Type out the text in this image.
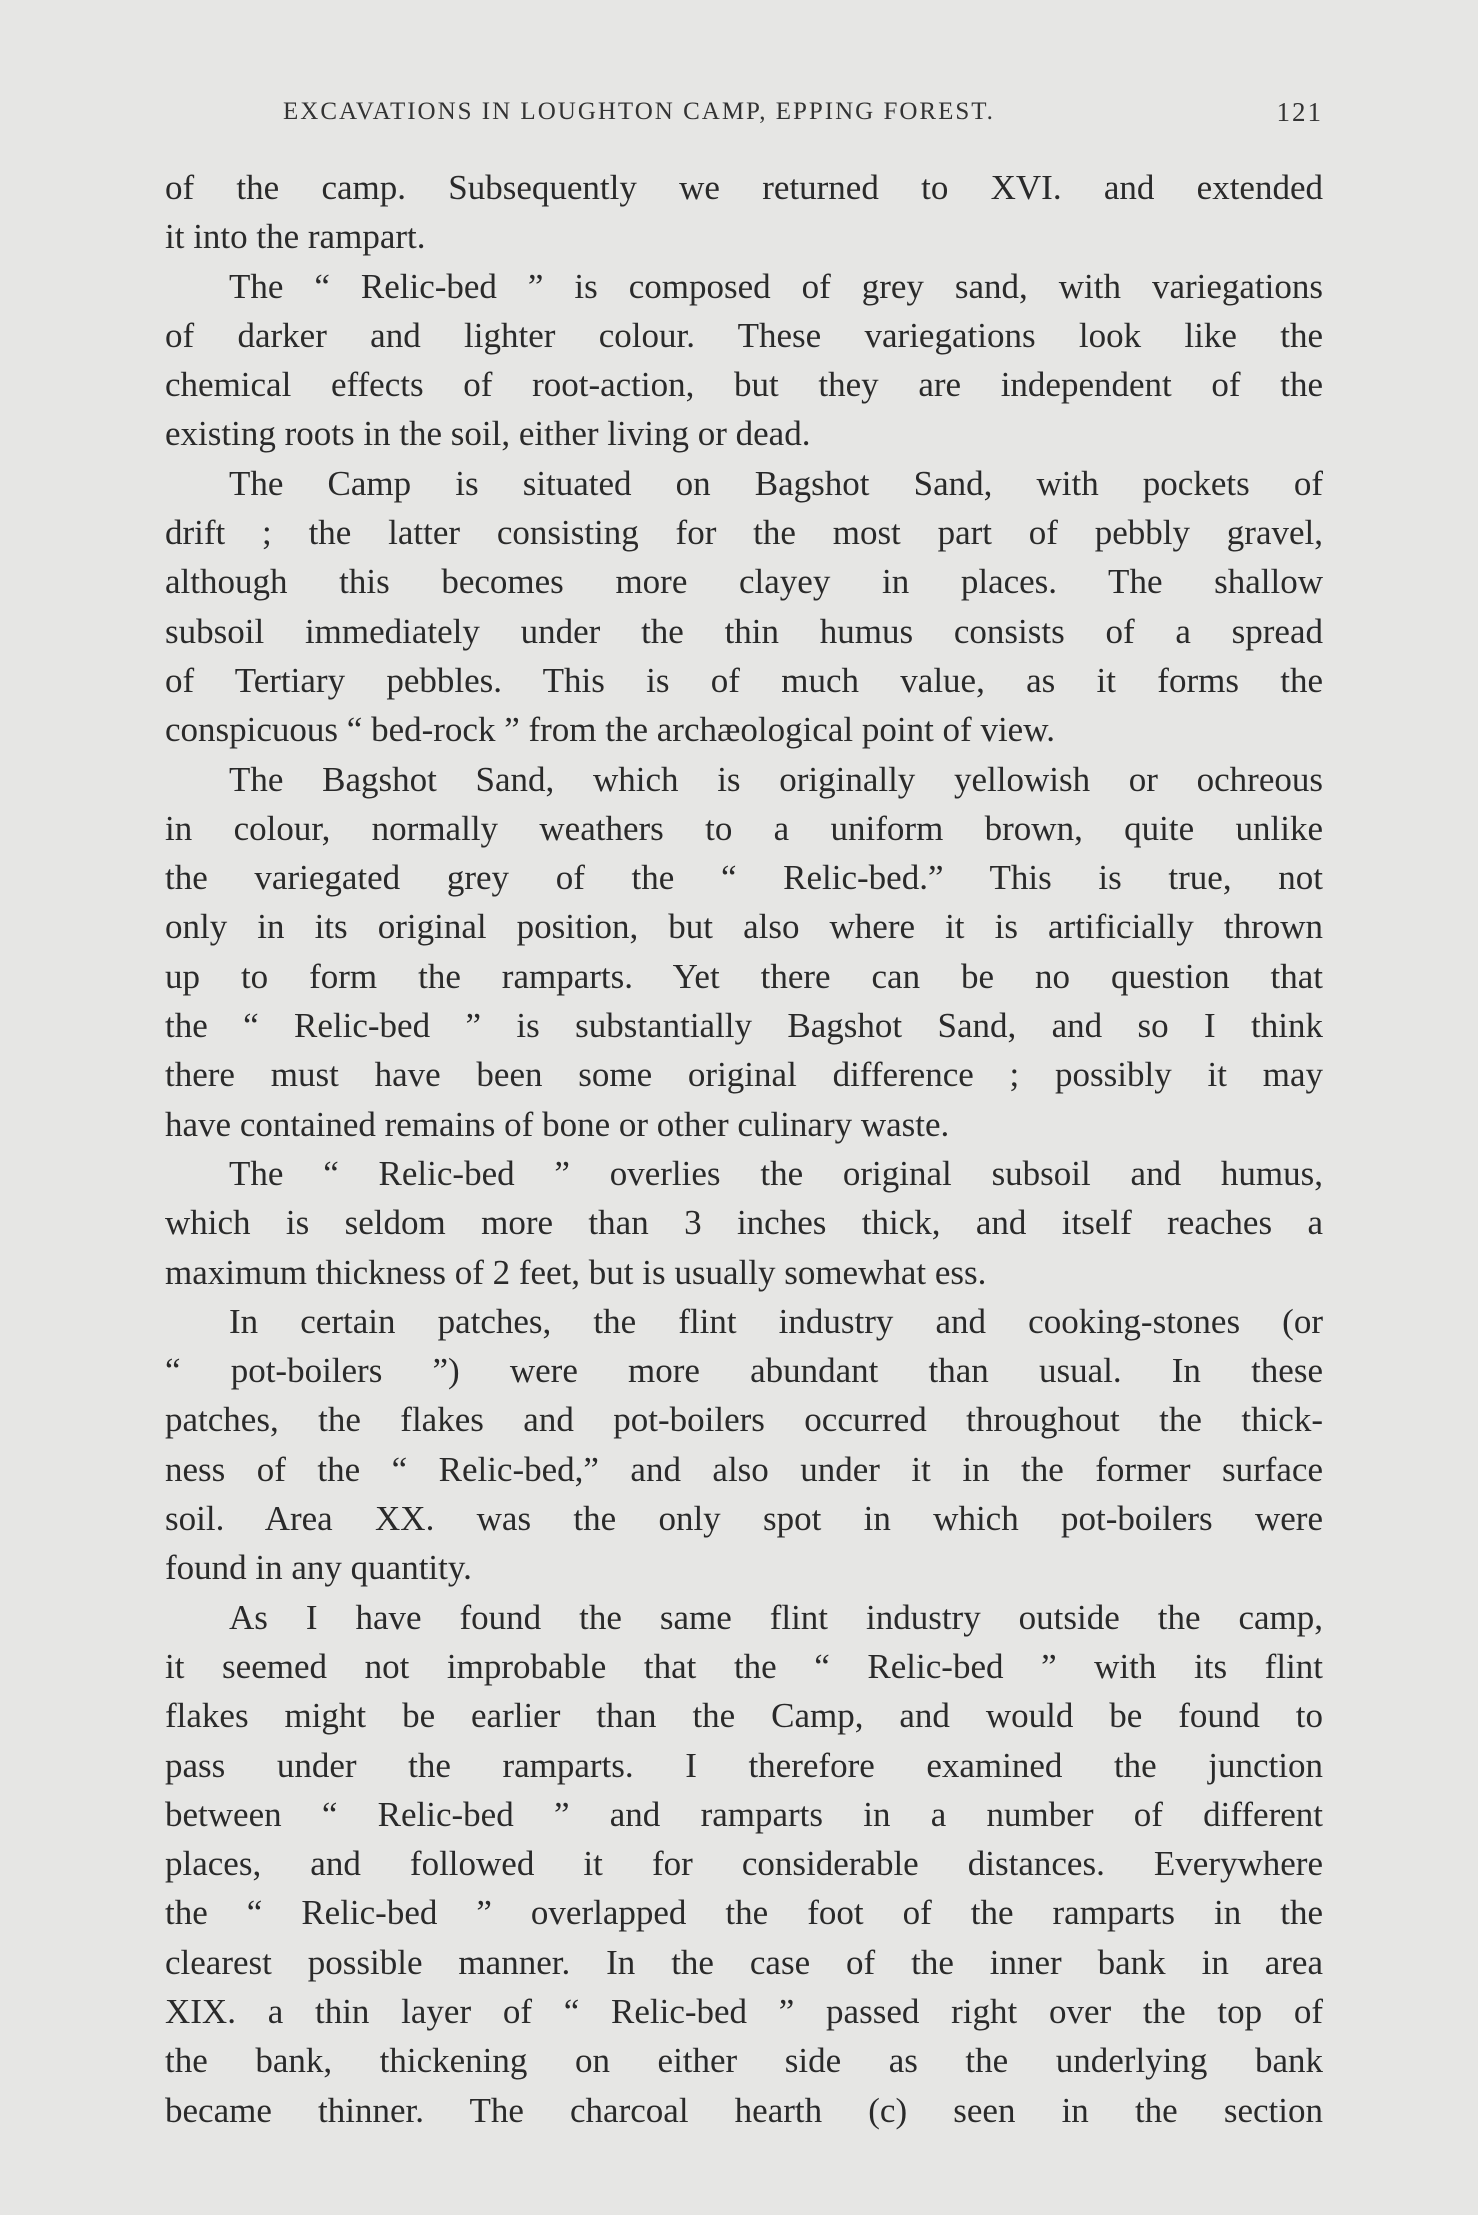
EXCAVATIONS IN LOUGHTON CAMP, EPPING FOREST.	121
of the camp. Subsequently we returned to XVI. and extended
it into the rampart.
The “ Relic-bed ” is composed of grey sand, with variegations
of darker and lighter colour. These variegations look like the
chemical effects of root-action, but they are independent of the
existing roots in the soil, either living or dead.
The Camp is situated on Bagshot Sand, with pockets of
drift ; the latter consisting for the most part of pebbly gravel,
although this becomes more clayey in places. The shallow
subsoil immediately under the thin humus consists of a spread
of Tertiary pebbles. This is of much value, as it forms the
conspicuous “ bed-rock ” from the archæological point of view.
The Bagshot Sand, which is originally yellowish or ochreous
in colour, normally weathers to a uniform brown, quite unlike
the variegated grey of the “ Relic-bed.” This is true, not
only in its original position, but also where it is artificially thrown
up to form the ramparts. Yet there can be no question that
the “ Relic-bed ” is substantially Bagshot Sand, and so I think
there must have been some original difference ; possibly it may
have contained remains of bone or other culinary waste.
The “ Relic-bed ” overlies the original subsoil and humus,
which is seldom more than 3 inches thick, and itself reaches a
maximum thickness of 2 feet, but is usually somewhat ess.
In certain patches, the flint industry and cooking-stones (or
“ pot-boilers ”) were more abundant than usual. In these
patches, the flakes and pot-boilers occurred throughout the thick-
ness of the “ Relic-bed,” and also under it in the former surface
soil. Area XX. was the only spot in which pot-boilers were
found in any quantity.
As I have found the same flint industry outside the camp,
it seemed not improbable that the “ Relic-bed ” with its flint
flakes might be earlier than the Camp, and would be found to
pass under the ramparts. I therefore examined the junction
between “ Relic-bed ” and ramparts in a number of different
places, and followed it for considerable distances. Everywhere
the “ Relic-bed ” overlapped the foot of the ramparts in the
clearest possible manner. In the case of the inner bank in area
XIX. a thin layer of “ Relic-bed ” passed right over the top of
the bank, thickening on either side as the underlying bank
became thinner. The charcoal hearth (c) seen in the section
